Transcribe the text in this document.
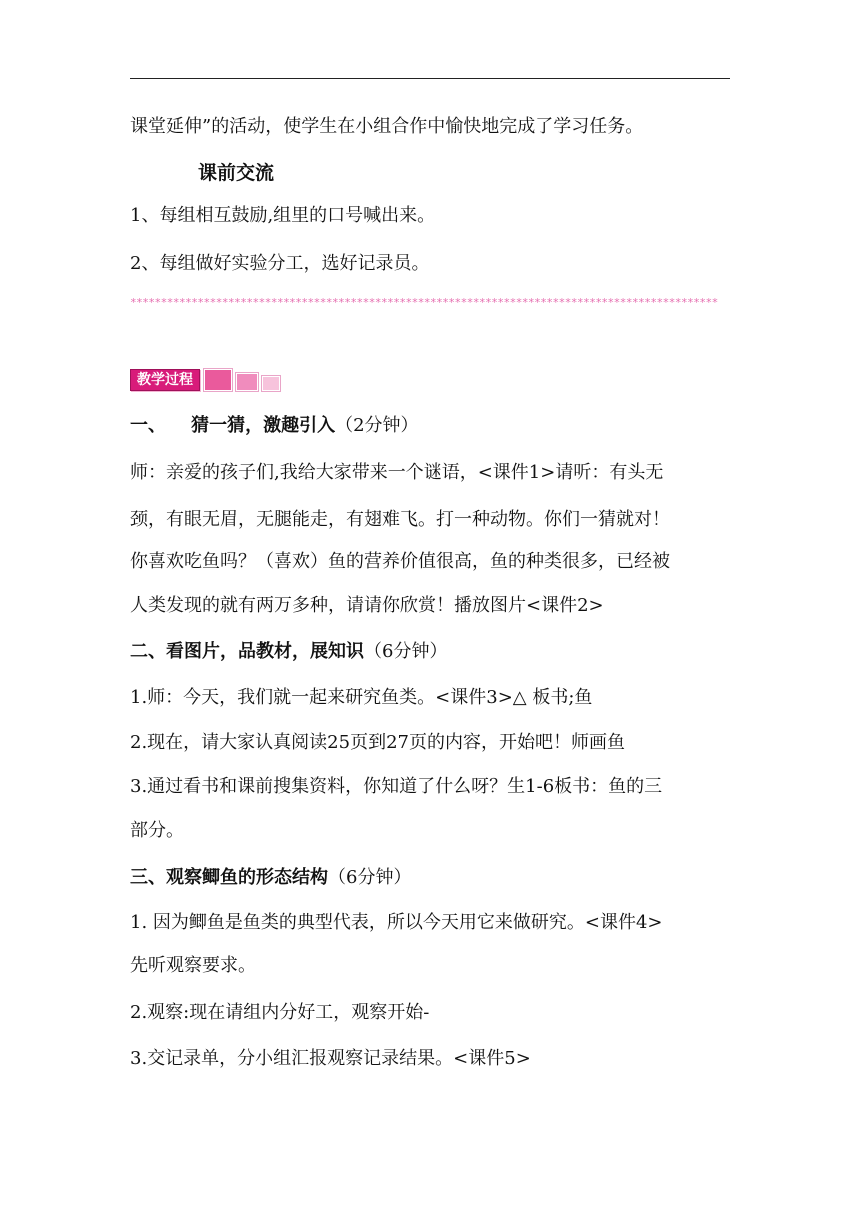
课堂延伸”的活动，使学生在小组合作中愉快地完成了学习任务。
课前交流
1、每组相互鼓励,组里的口号喊出来。
2、每组做好实验分工，选好记录员。
************************************************************************************************
教学过程
一、    猜一猜，激趣引入（2分钟）
师：亲爱的孩子们,我给大家带来一个谜语，<课件1>请听：有头无
颈，有眼无眉，无腿能走，有翅难飞。打一种动物。你们一猜就对！
你喜欢吃鱼吗？（喜欢）鱼的营养价值很高，鱼的种类很多，已经被
人类发现的就有两万多种，请请你欣赏！播放图片<课件2>
二、看图片，品教材，展知识（6分钟）
1.师：今天，我们就一起来研究鱼类。<课件3>△ 板书;鱼
2.现在，请大家认真阅读25页到27页的内容，开始吧！师画鱼
3.通过看书和课前搜集资料，你知道了什么呀？生1-6板书：鱼的三
部分。
三、观察鲫鱼的形态结构（6分钟）
1. 因为鲫鱼是鱼类的典型代表，所以今天用它来做研究。<课件4>
先听观察要求。
2.观察:现在请组内分好工，观察开始-
3.交记录单，分小组汇报观察记录结果。<课件5>
